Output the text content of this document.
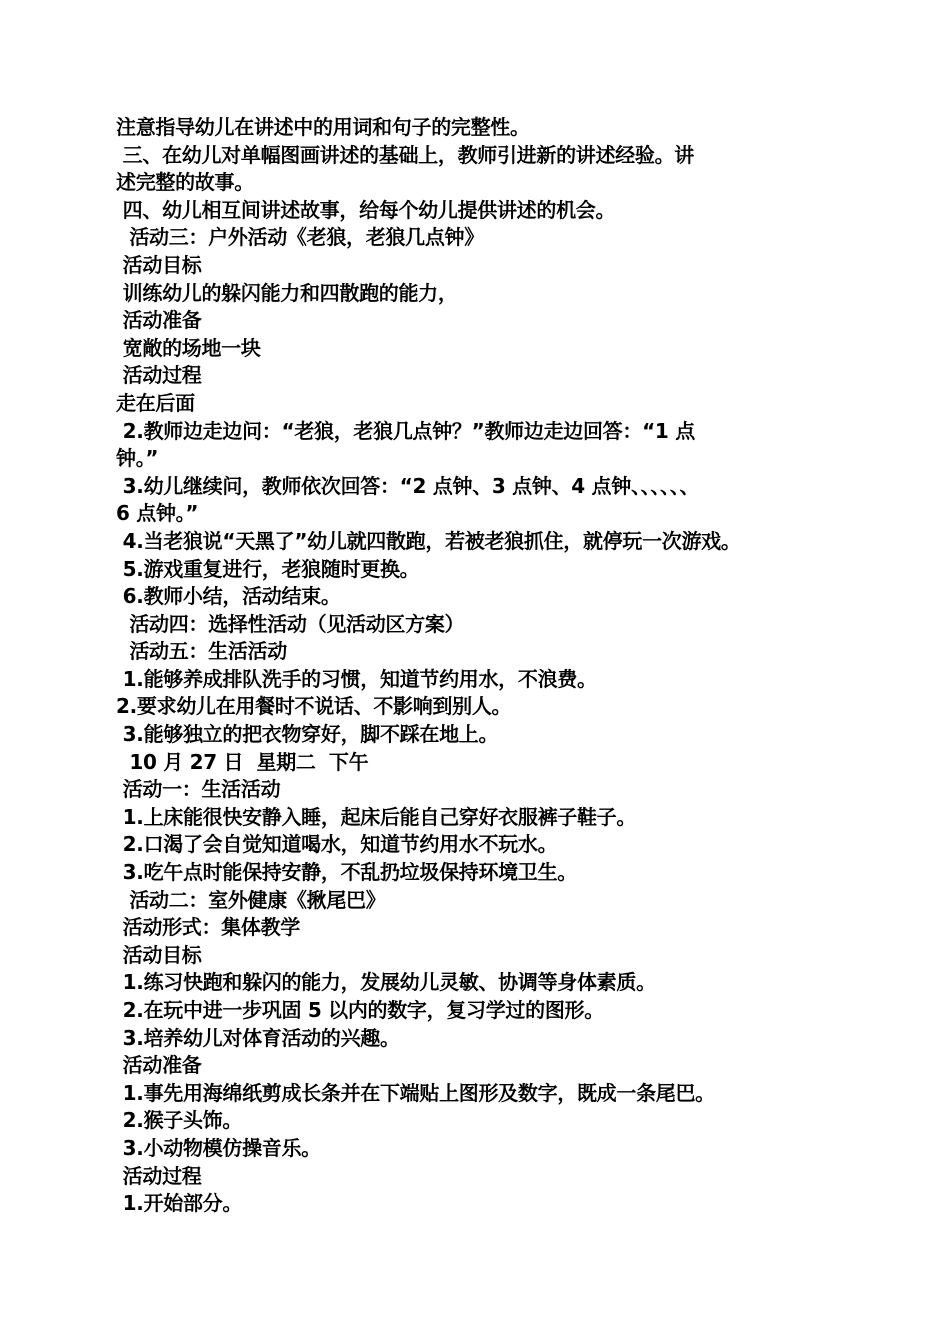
注意指导幼儿在讲述中的用词和句子的完整性。
三、在幼儿对单幅图画讲述的基础上，教师引进新的讲述经验。讲
述完整的故事。
四、幼儿相互间讲述故事，给每个幼儿提供讲述的机会。
活动三：户外活动《老狼，老狼几点钟》
活动目标
训练幼儿的躲闪能力和四散跑的能力，
活动准备
宽敞的场地一块
活动过程
走在后面
2.教师边走边问：“老狼，老狼几点钟？”教师边走边回答：“1 点
钟。”
3.幼儿继续问，教师依次回答：“2 点钟、3 点钟、4 点钟、、、、、、
6 点钟。”
4.当老狼说“天黑了”幼儿就四散跑，若被老狼抓住，就停玩一次游戏。
5.游戏重复进行，老狼随时更换。
6.教师小结，活动结束。
活动四：选择性活动（见活动区方案）
活动五：生活活动
1.能够养成排队洗手的习惯，知道节约用水，不浪费。
2.要求幼儿在用餐时不说话、不影响到别人。
3.能够独立的把衣物穿好，脚不踩在地上。
10 月 27 日  星期二  下午
活动一：生活活动
1.上床能很快安静入睡，起床后能自己穿好衣服裤子鞋子。
2.口渴了会自觉知道喝水，知道节约用水不玩水。
3.吃午点时能保持安静，不乱扔垃圾保持环境卫生。
活动二：室外健康《揪尾巴》
活动形式：集体教学
活动目标
1.练习快跑和躲闪的能力，发展幼儿灵敏、协调等身体素质。
2.在玩中进一步巩固 5 以内的数字，复习学过的图形。
3.培养幼儿对体育活动的兴趣。
活动准备
1.事先用海绵纸剪成长条并在下端贴上图形及数字，既成一条尾巴。
2.猴子头饰。
3.小动物模仿操音乐。
活动过程
1.开始部分。
